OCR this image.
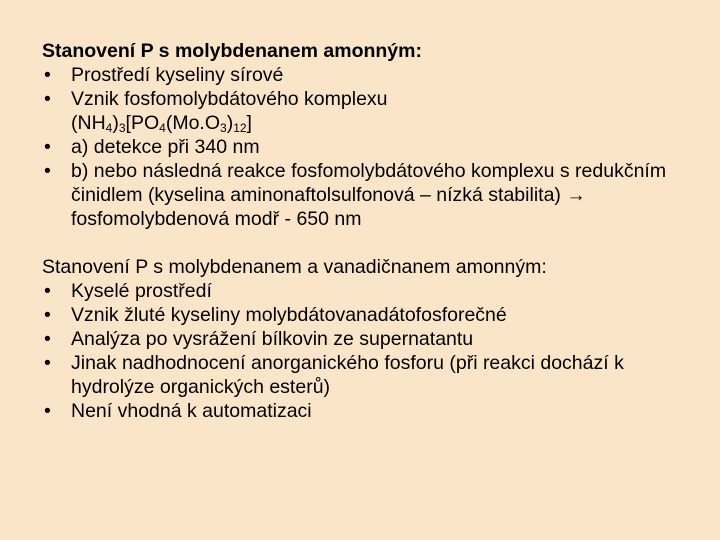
Stanovení P s molybdenanem amonným:
• Prostředí kyseliny sírové
• Vznik fosfomolybdátového komplexu
$(NH_4)_3[PO_4(Mo.O_3)_{12}]$
• a) detekce při 340 nm
• b) nebo následná reakce fosfomolybdátového komplexu s redukčním činidlem (kyselina aminonaftolsulfonová – nízká stabilita) → fosfomolybdenová modř - 650 nm
Stanovení P s molybdenanem a vanadičnanem amonným:
• Kyselé prostředí
• Vznik žluté kyseliny molybdátovanadátofosforečné
• Analýza po vysrážení bílkovin ze supernatantu
• Jinak nadhodnocení anorganického fosforu (při reakci dochází k hydrolýze organických esterů)
• Není vhodná k automatizaci
